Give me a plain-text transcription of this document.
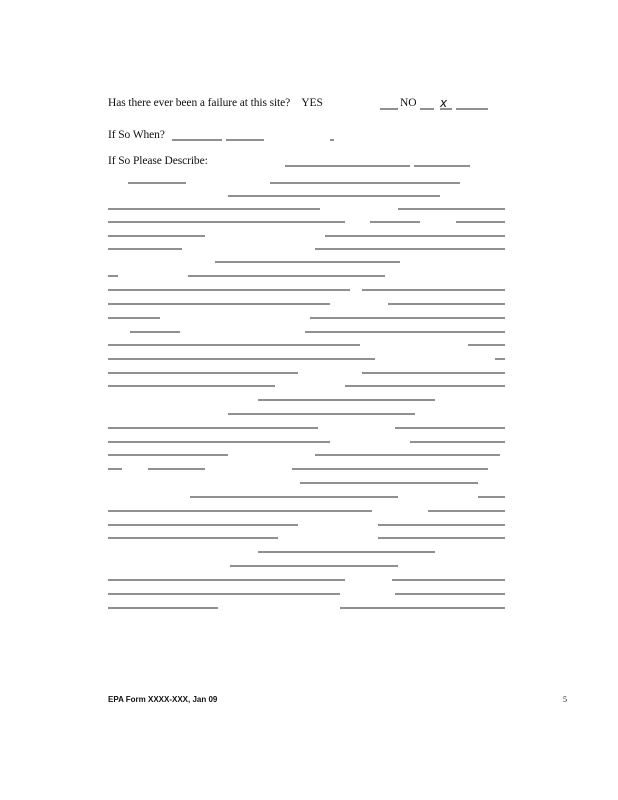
Has there ever been a failure at this site? YES	NO x
If So When?
If So Please Describe:
EPA Form XXXX-XXX, Jan 09	5
